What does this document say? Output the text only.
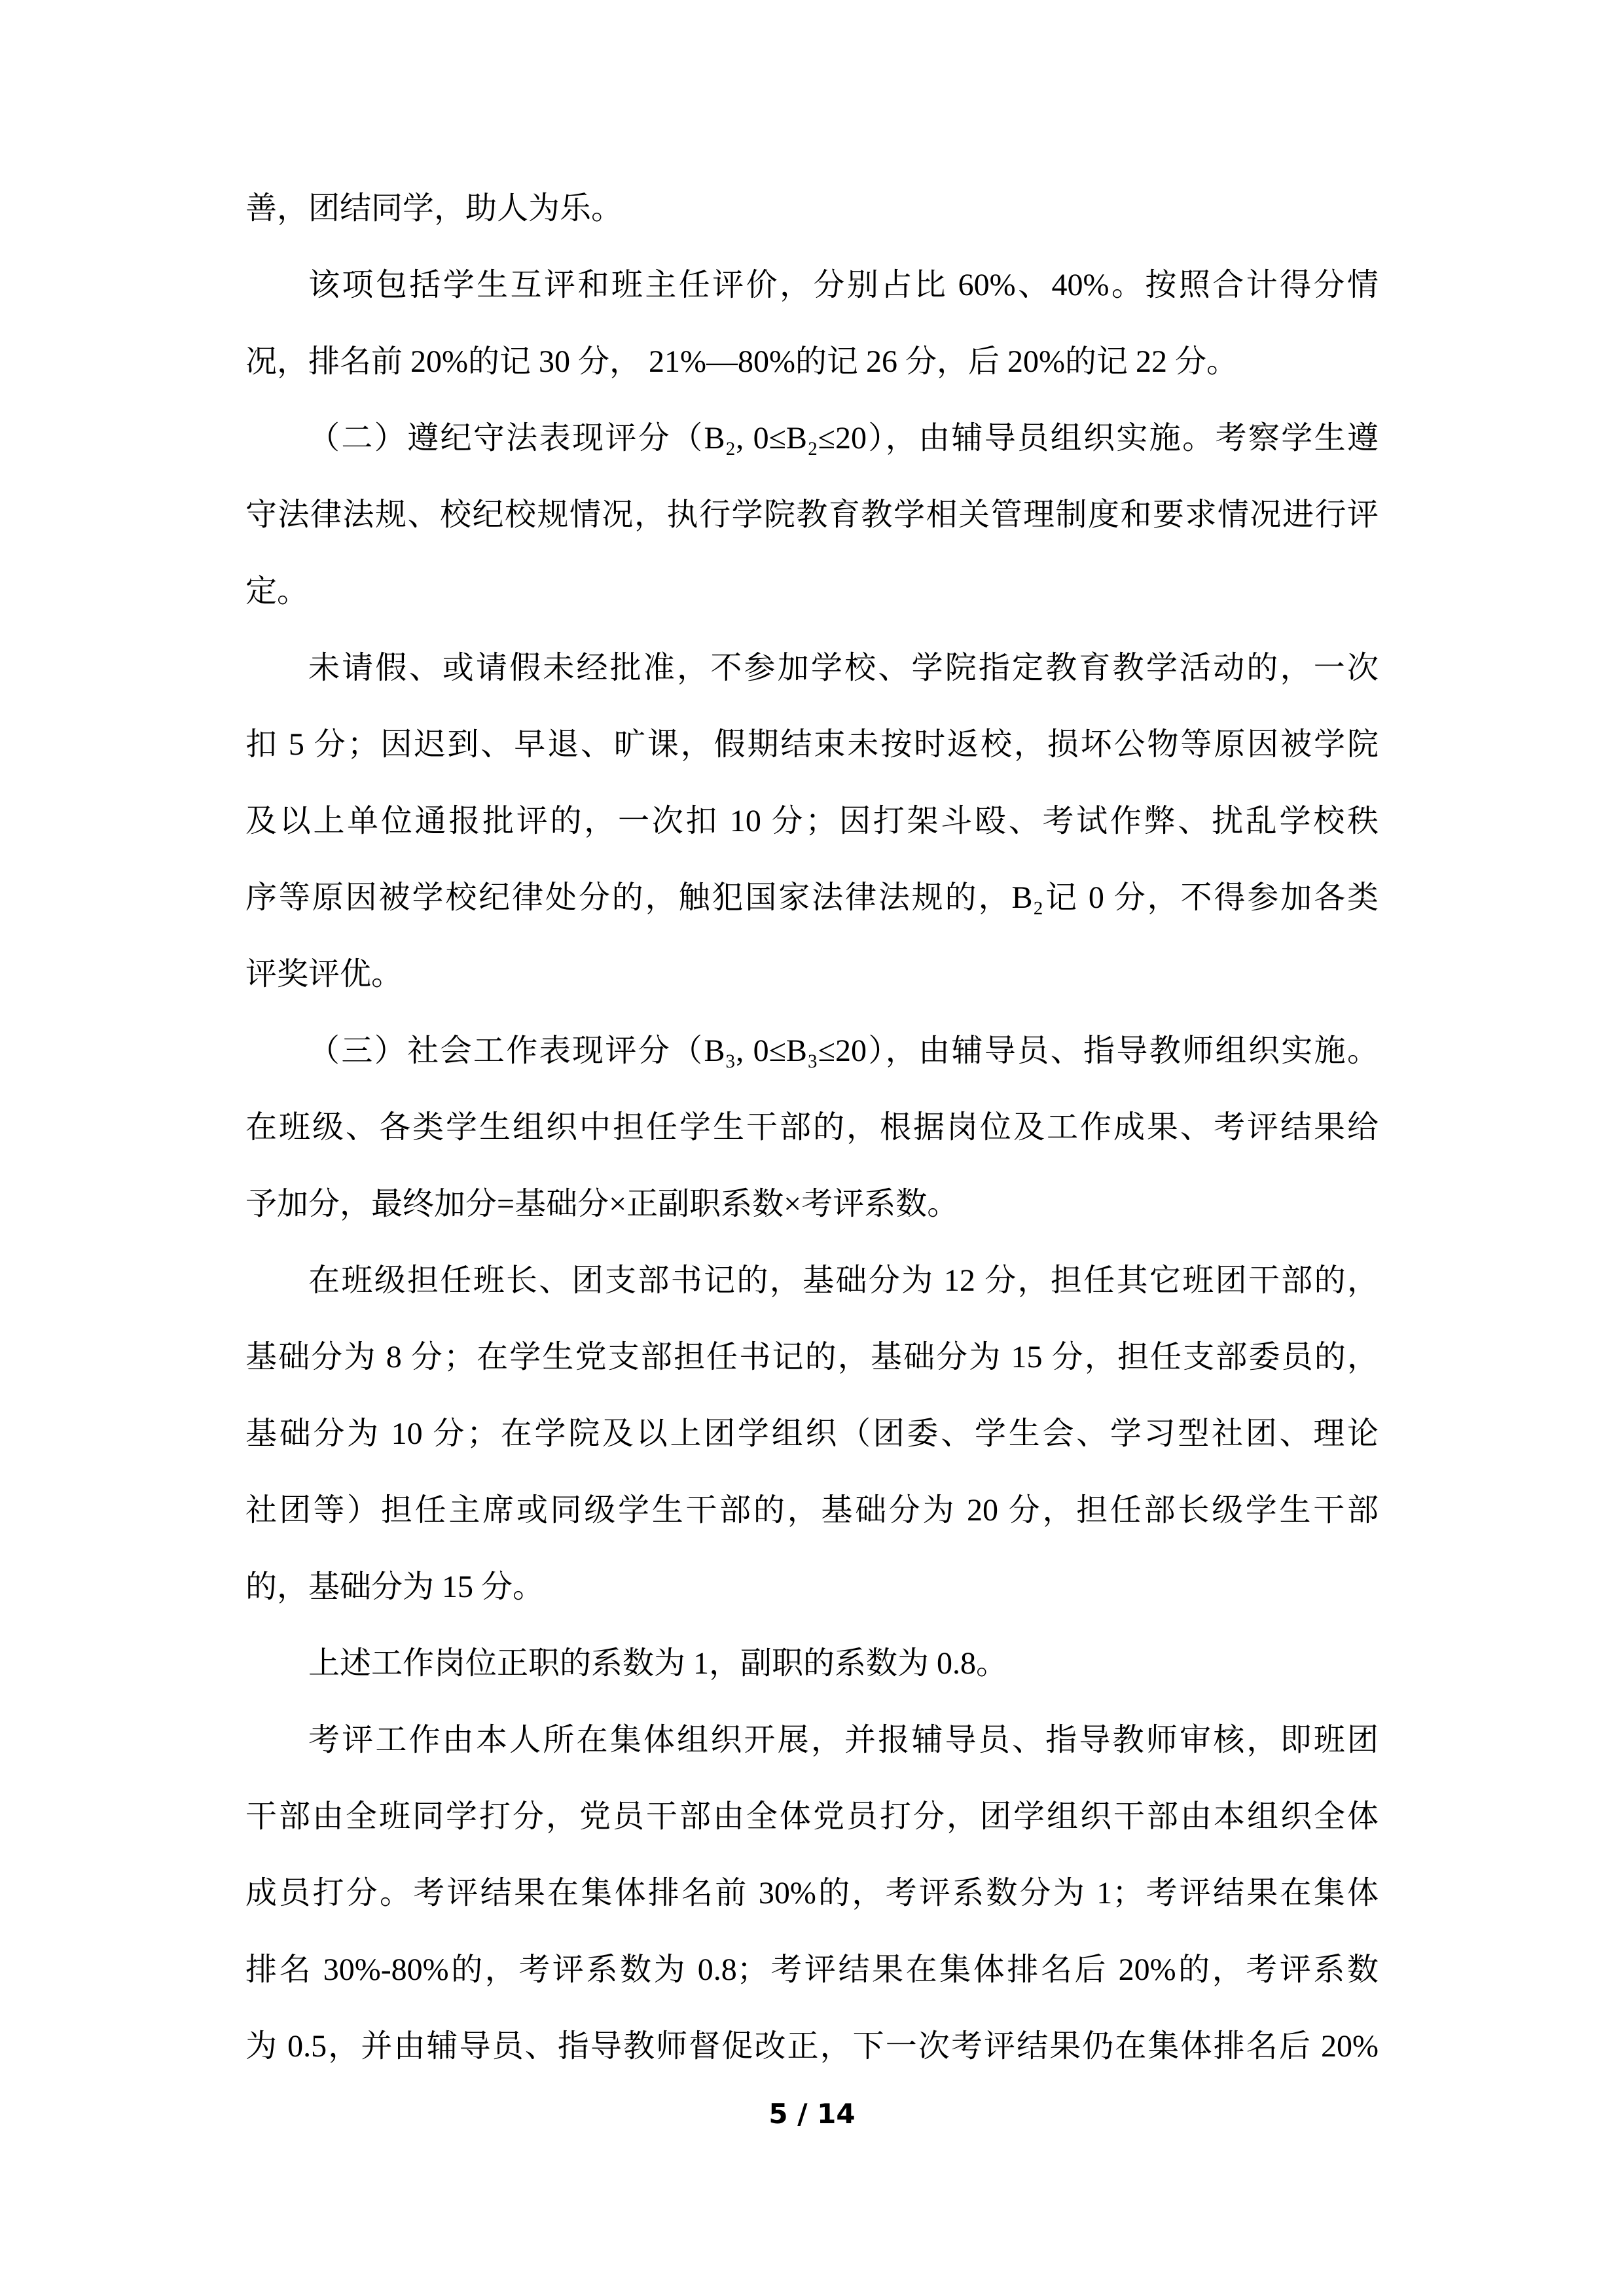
善，团结同学，助人为乐。
该项包括学生互评和班主任评价，分别占比 60%、40%。按照合计得分情
况，排名前 20%的记 30 分， 21%—80%的记 26 分，后 20%的记 22 分。
（二）遵纪守法表现评分（B₂, 0≤B₂≤20），由辅导员组织实施。考察学生遵
守法律法规、校纪校规情况，执行学院教育教学相关管理制度和要求情况进行评
定。
未请假、或请假未经批准，不参加学校、学院指定教育教学活动的，一次
扣 5 分；因迟到、早退、旷课，假期结束未按时返校，损坏公物等原因被学院
及以上单位通报批评的，一次扣 10 分；因打架斗殴、考试作弊、扰乱学校秩
序等原因被学校纪律处分的，触犯国家法律法规的，B₂记 0 分，不得参加各类
评奖评优。
（三）社会工作表现评分（B₃, 0≤B₃≤20），由辅导员、指导教师组织实施。
在班级、各类学生组织中担任学生干部的，根据岗位及工作成果、考评结果给
予加分，最终加分=基础分×正副职系数×考评系数。
在班级担任班长、团支部书记的，基础分为 12 分，担任其它班团干部的，
基础分为 8 分；在学生党支部担任书记的，基础分为 15 分，担任支部委员的，
基础分为 10 分；在学院及以上团学组织（团委、学生会、学习型社团、理论
社团等）担任主席或同级学生干部的，基础分为 20 分，担任部长级学生干部
的，基础分为 15 分。
上述工作岗位正职的系数为 1，副职的系数为 0.8。
考评工作由本人所在集体组织开展，并报辅导员、指导教师审核，即班团
干部由全班同学打分，党员干部由全体党员打分，团学组织干部由本组织全体
成员打分。考评结果在集体排名前 30%的，考评系数分为 1；考评结果在集体
排名 30%-80%的，考评系数为 0.8；考评结果在集体排名后 20%的，考评系数
为 0.5，并由辅导员、指导教师督促改正，下一次考评结果仍在集体排名后 20%
5 / 14
